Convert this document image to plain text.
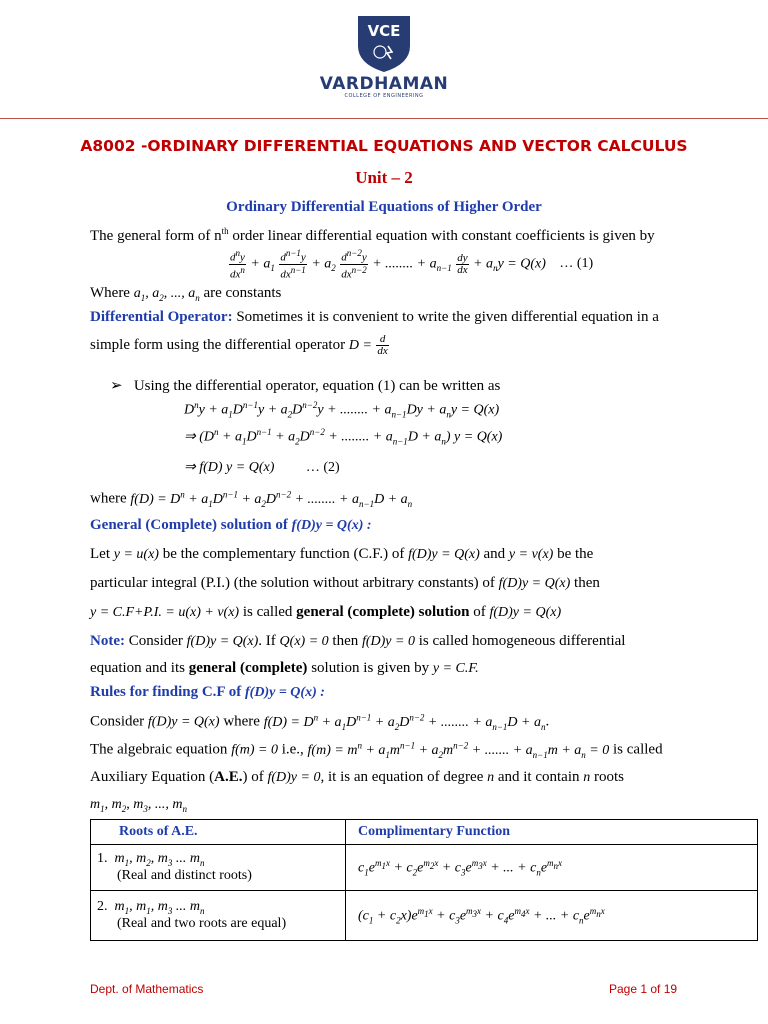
VCE
VARDHAMAN
COLLEGE OF ENGINEERING
A8002 -ORDINARY DIFFERENTIAL EQUATIONS AND VECTOR CALCULUS
Unit – 2
Ordinary Differential Equations of Higher Order
The general form of $n^{th}$ order linear differential equation with constant coefficients is given by
$\frac{d^ny}{dx^n} + a_1 \frac{d^{n-1}y}{dx^{n-1}} + a_2 \frac{d^{n-2}y}{dx^{n-2}}$ + ........ + $a_{n-1} \frac{dy}{dx} + a_ny = Q(x)$ … (1)
Where $a_1$, $a_2$, ..., $a_n$ are constants
Differential Operator: Sometimes it is convenient to write the given differential equation in a
simple form using the differential operator $D = \frac{d}{dx}$
➢ Using the differential operator, equation (1) can be written as
$D^ny + a_1D^{n-1}y + a_2D^{n-2}y$ + ........ + $a_{n-1}Dy + a_ny = Q(x)$
⇒ ($D^n + a_1D^{n-1} + a_2D^{n-2}$ + ........ + $a_{n-1}D + a_n$) y = Q(x)
⇒ f(D) y = Q(x) … (2)
where $f(D) = D^n + a_1D^{n-1} + a_2D^{n-2}$ + ........ + $a_{n-1}D + a_n$
General (Complete) solution of f(D)y = Q(x) :
Let y = u(x) be the complementary function (C.F.) of f(D)y = Q(x) and y = v(x) be the
particular integral (P.I.) (the solution without arbitrary constants) of f(D)y = Q(x) then
y = C.F+P.I. = u(x) + v(x) is called general (complete) solution of f(D)y = Q(x)
Note: Consider f(D)y = Q(x). If Q(x) = 0 then f(D)y = 0 is called homogeneous differential
equation and its general (complete) solution is given by y = C.F.
Rules for finding C.F of f(D)y = Q(x) :
Consider f(D)y = Q(x) where $f(D) = D^n + a_1D^{n-1} + a_2D^{n-2}$ + ........ + $a_{n-1}D + a_n$.
The algebraic equation f(m) = 0 i.e., $f(m) = m^n + a_1m^{n-1} + a_2m^{n-2}$ + ....... + $a_{n-1}m + a_n = 0$ is called
Auxiliary Equation (A.E.) of f(D)y = 0, it is an equation of degree n and it contain n roots
$m_1$, $m_2$, $m_3$, ..., $m_n$
Roots of A.E.	Complimentary Function

1. $m_1$, $m_2$, $m_3$ ... $m_n$
(Real and distinct roots)	$c_1e^{m_1x} + c_2e^{m_2x} + c_3e^{m_3x}$ + ... + $c_ne^{m_nx}$

2. $m_1$, $m_1$, $m_3$ ... $m_n$
(Real and two roots are equal)	$(c_1 + c_2x)e^{m_1x} + c_3e^{m_3x} + c_4e^{m_4x}$ + ... + $c_ne^{m_nx}$
Dept. of Mathematics	Page 1 of 19
